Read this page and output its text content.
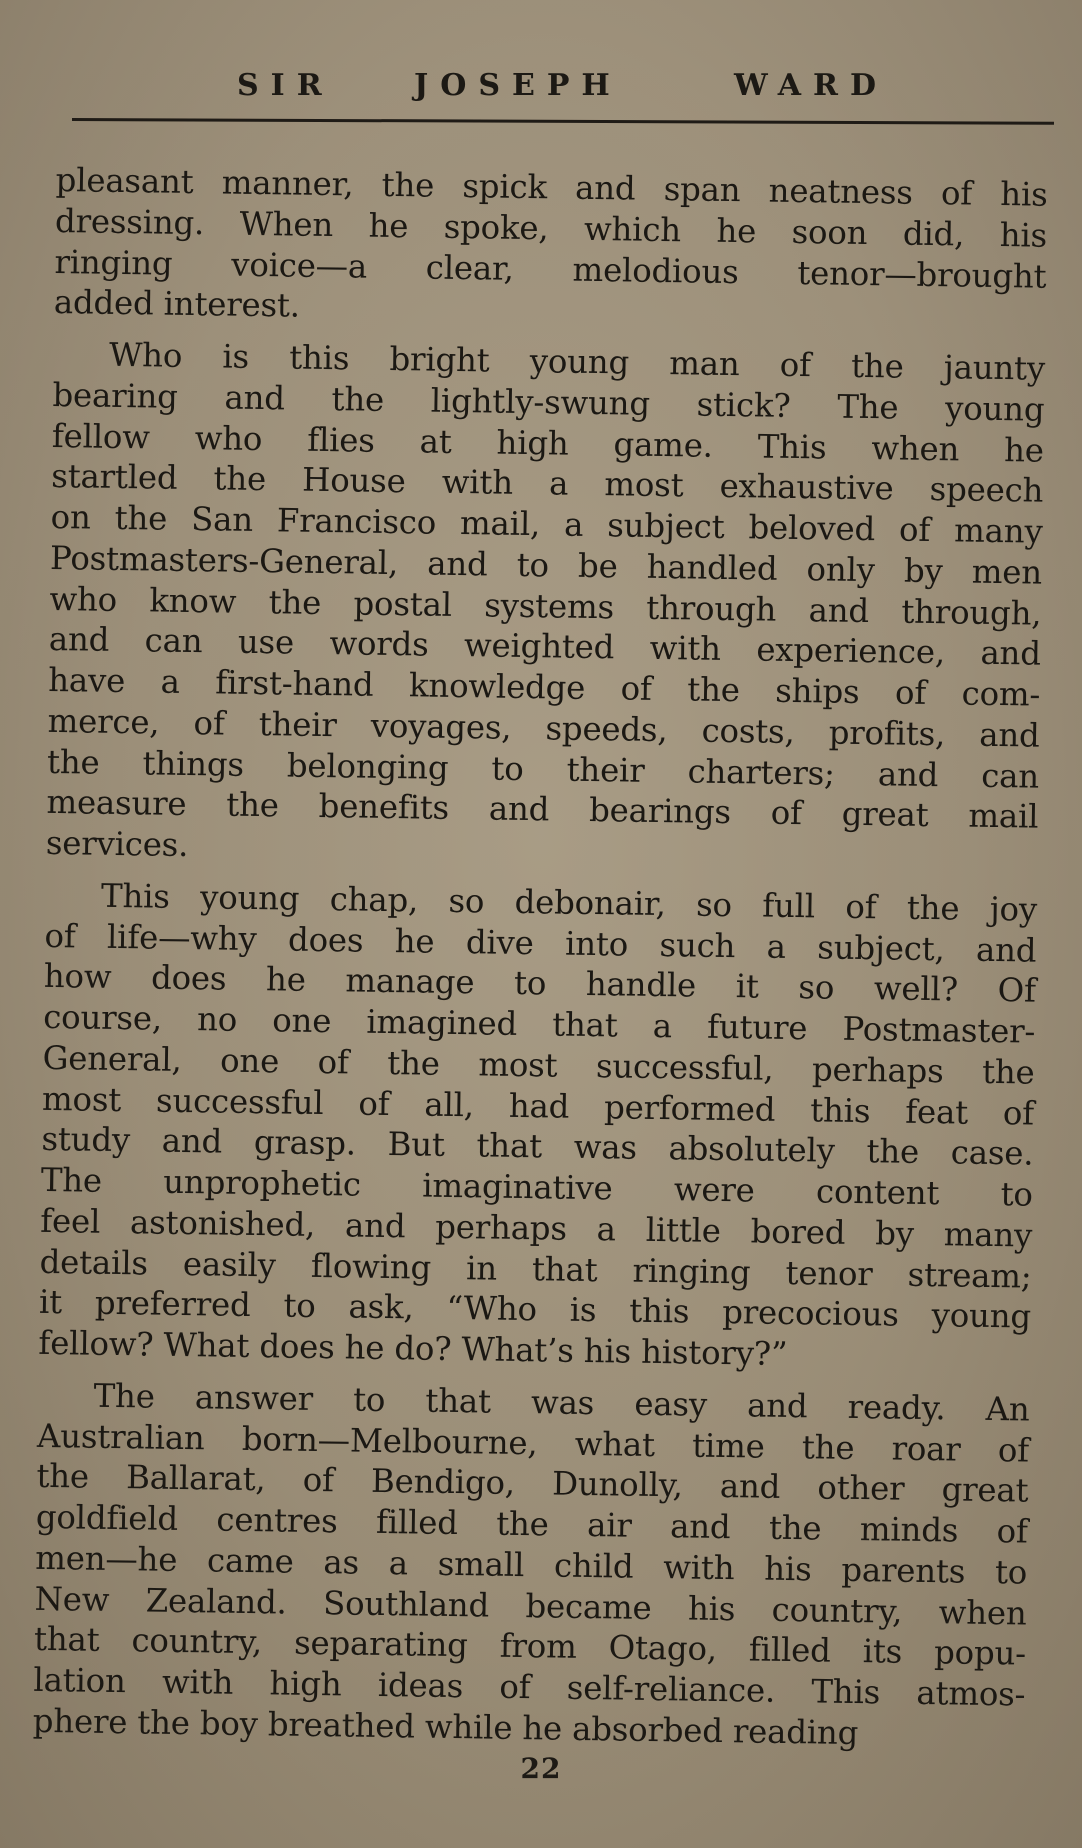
SIR	JOSEPH	WARD
pleasant manner, the spick and span neatness of his
dressing. When he spoke, which he soon did, his
ringing voice—a clear, melodious tenor—brought
added interest.
Who is this bright young man of the jaunty
bearing and the lightly-swung stick? The young
fellow who flies at high game. This when he
startled the House with a most exhaustive speech
on the San Francisco mail, a subject beloved of many
Postmasters-General, and to be handled only by men
who know the postal systems through and through,
and can use words weighted with experience, and
have a first-hand knowledge of the ships of com-
merce, of their voyages, speeds, costs, profits, and
the things belonging to their charters; and can
measure the benefits and bearings of great mail
services.
This young chap, so debonair, so full of the joy
of life—why does he dive into such a subject, and
how does he manage to handle it so well? Of
course, no one imagined that a future Postmaster-
General, one of the most successful, perhaps the
most successful of all, had performed this feat of
study and grasp. But that was absolutely the case.
The unprophetic imaginative were content to
feel astonished, and perhaps a little bored by many
details easily flowing in that ringing tenor stream;
it preferred to ask, “Who is this precocious young
fellow? What does he do? What’s his history?”
The answer to that was easy and ready. An
Australian born—Melbourne, what time the roar of
the Ballarat, of Bendigo, Dunolly, and other great
goldfield centres filled the air and the minds of
men—he came as a small child with his parents to
New Zealand. Southland became his country, when
that country, separating from Otago, filled its popu-
lation with high ideas of self-reliance. This atmos-
phere the boy breathed while he absorbed reading
22
